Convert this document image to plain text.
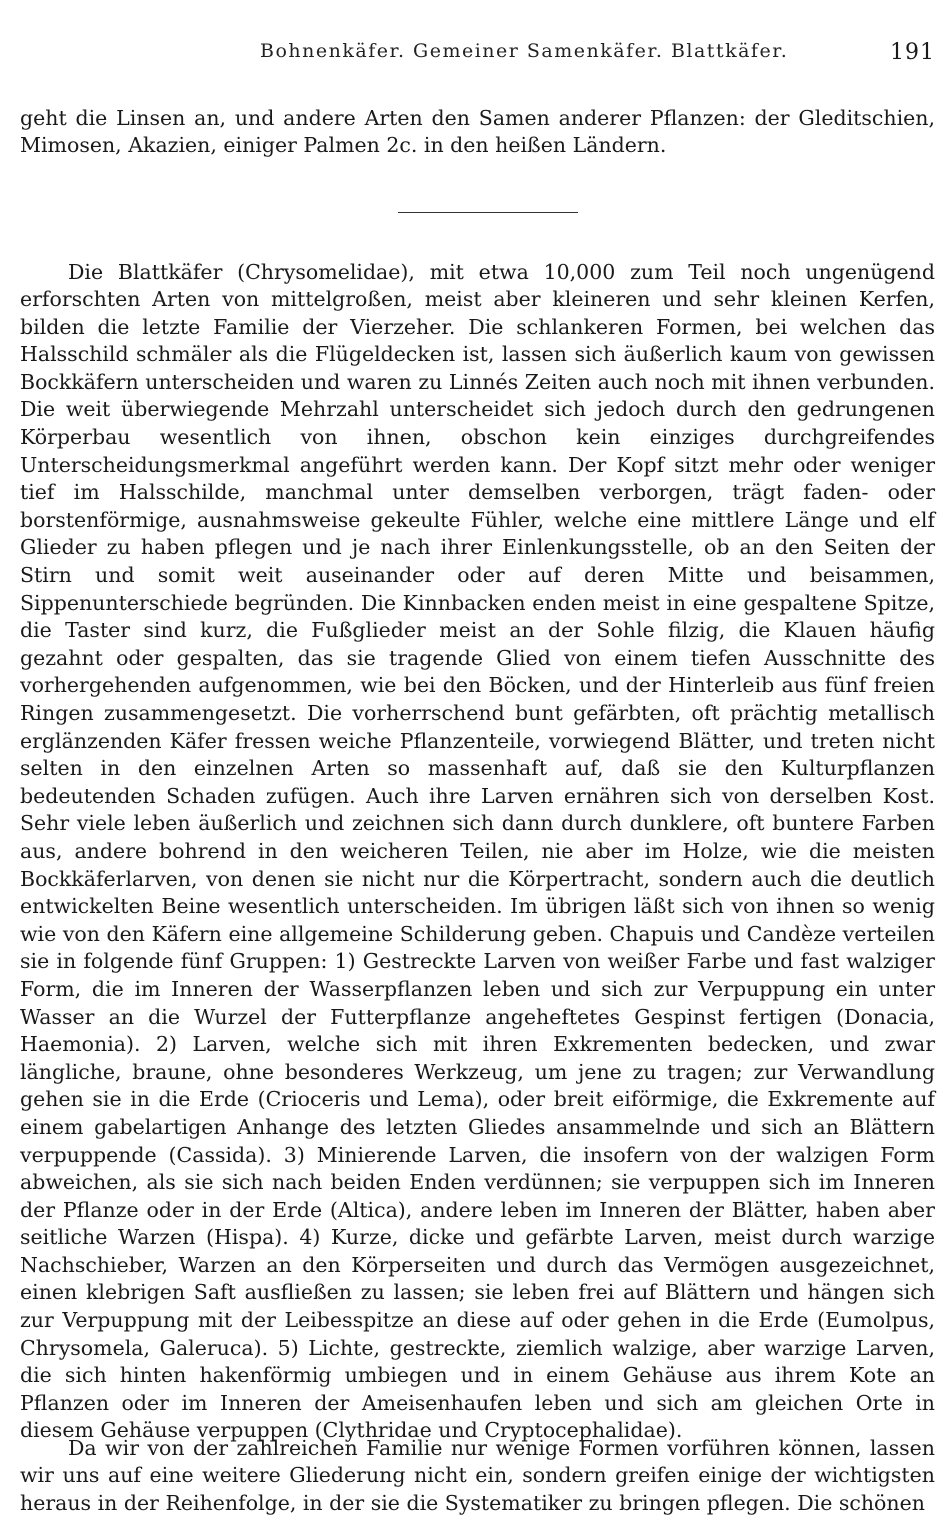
Bohnenkäfer. Gemeiner Samenkäfer. Blattkäfer.	191

geht die Linsen an, und andere Arten den Samen anderer Pflanzen: der Gleditschien, Mimosen, Akazien, einiger Palmen 2c. in den heißen Ländern.

Die Blattkäfer (Chrysomelidae), mit etwa 10,000 zum Teil noch ungenügend erforschten Arten von mittelgroßen, meist aber kleineren und sehr kleinen Kerfen, bilden die letzte Familie der Vierzeher. Die schlankeren Formen, bei welchen das Halsschild schmäler als die Flügeldecken ist, lassen sich äußerlich kaum von gewissen Bockkäfern unterscheiden und waren zu Linnés Zeiten auch noch mit ihnen verbunden. Die weit überwiegende Mehrzahl unterscheidet sich jedoch durch den gedrungenen Körperbau wesentlich von ihnen, obschon kein einziges durchgreifendes Unterscheidungsmerkmal angeführt werden kann. Der Kopf sitzt mehr oder weniger tief im Halsschilde, manchmal unter demselben verborgen, trägt faden- oder borstenförmige, ausnahmsweise gekeulte Fühler, welche eine mittlere Länge und elf Glieder zu haben pflegen und je nach ihrer Einlenkungsstelle, ob an den Seiten der Stirn und somit weit auseinander oder auf deren Mitte und beisammen, Sippenunterschiede begründen. Die Kinnbacken enden meist in eine gespaltene Spitze, die Taster sind kurz, die Fußglieder meist an der Sohle filzig, die Klauen häufig gezahnt oder gespalten, das sie tragende Glied von einem tiefen Ausschnitte des vorhergehenden aufgenommen, wie bei den Böcken, und der Hinterleib aus fünf freien Ringen zusammengesetzt. Die vorherrschend bunt gefärbten, oft prächtig metallisch erglänzenden Käfer fressen weiche Pflanzenteile, vorwiegend Blätter, und treten nicht selten in den einzelnen Arten so massenhaft auf, daß sie den Kulturpflanzen bedeutenden Schaden zufügen. Auch ihre Larven ernähren sich von derselben Kost. Sehr viele leben äußerlich und zeichnen sich dann durch dunklere, oft buntere Farben aus, andere bohrend in den weicheren Teilen, nie aber im Holze, wie die meisten Bockkäferlarven, von denen sie nicht nur die Körpertracht, sondern auch die deutlich entwickelten Beine wesentlich unterscheiden. Im übrigen läßt sich von ihnen so wenig wie von den Käfern eine allgemeine Schilderung geben. Chapuis und Candèze verteilen sie in folgende fünf Gruppen: 1) Gestreckte Larven von weißer Farbe und fast walziger Form, die im Inneren der Wasserpflanzen leben und sich zur Verpuppung ein unter Wasser an die Wurzel der Futterpflanze angeheftetes Gespinst fertigen (Donacia, Haemonia). 2) Larven, welche sich mit ihren Exkrementen bedecken, und zwar längliche, braune, ohne besonderes Werkzeug, um jene zu tragen; zur Verwandlung gehen sie in die Erde (Crioceris und Lema), oder breit eiförmige, die Exkremente auf einem gabelartigen Anhange des letzten Gliedes ansammelnde und sich an Blättern verpuppende (Cassida). 3) Minierende Larven, die insofern von der walzigen Form abweichen, als sie sich nach beiden Enden verdünnen; sie verpuppen sich im Inneren der Pflanze oder in der Erde (Altica), andere leben im Inneren der Blätter, haben aber seitliche Warzen (Hispa). 4) Kurze, dicke und gefärbte Larven, meist durch warzige Nachschieber, Warzen an den Körperseiten und durch das Vermögen ausgezeichnet, einen klebrigen Saft ausfließen zu lassen; sie leben frei auf Blättern und hängen sich zur Verpuppung mit der Leibesspitze an diese auf oder gehen in die Erde (Eumolpus, Chrysomela, Galeruca). 5) Lichte, gestreckte, ziemlich walzige, aber warzige Larven, die sich hinten hakenförmig umbiegen und in einem Gehäuse aus ihrem Kote an Pflanzen oder im Inneren der Ameisenhaufen leben und sich am gleichen Orte in diesem Gehäuse verpuppen (Clythridae und Cryptocephalidae).

Da wir von der zahlreichen Familie nur wenige Formen vorführen können, lassen wir uns auf eine weitere Gliederung nicht ein, sondern greifen einige der wichtigsten heraus in der Reihenfolge, in der sie die Systematiker zu bringen pflegen. Die schönen
